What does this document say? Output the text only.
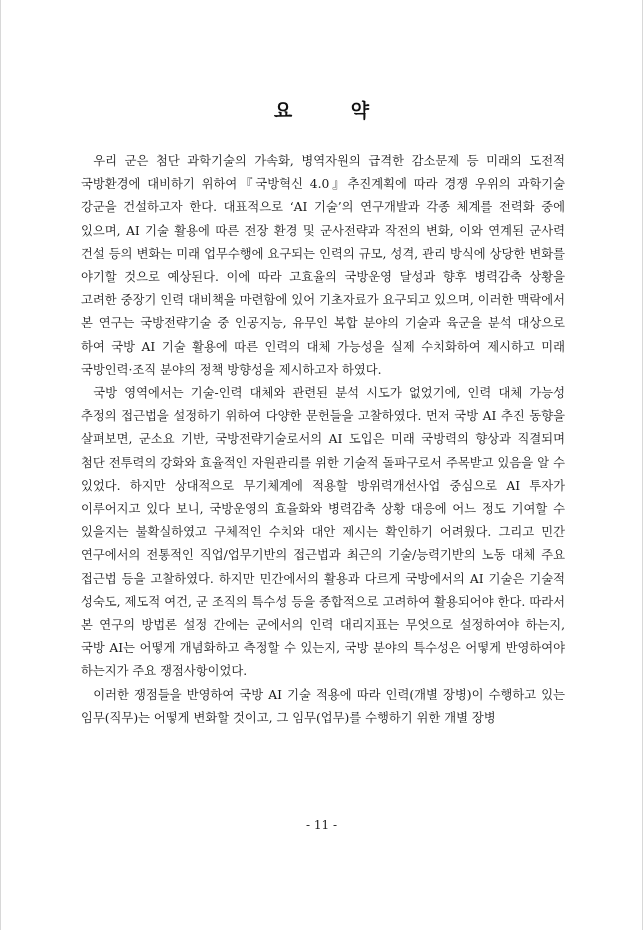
요 약

우리 군은 첨단 과학기술의 가속화, 병역자원의 급격한 감소문제 등 미래의 도전적 국방환경에 대비하기 위하여『국방혁신 4.0』추진계획에 따라 경쟁 우위의 과학기술 강군을 건설하고자 한다. 대표적으로 ‘AI 기술’의 연구개발과 각종 체계를 전력화 중에 있으며, AI 기술 활용에 따른 전장 환경 및 군사전략과 작전의 변화, 이와 연계된 군사력 건설 등의 변화는 미래 업무수행에 요구되는 인력의 규모, 성격, 관리 방식에 상당한 변화를 야기할 것으로 예상된다. 이에 따라 고효율의 국방운영 달성과 향후 병력감축 상황을 고려한 중장기 인력 대비책을 마련함에 있어 기초자료가 요구되고 있으며, 이러한 맥락에서 본 연구는 국방전략기술 중 인공지능, 유무인 복합 분야의 기술과 육군을 분석 대상으로 하여 국방 AI 기술 활용에 따른 인력의 대체 가능성을 실제 수치화하여 제시하고 미래 국방인력·조직 분야의 정책 방향성을 제시하고자 하였다.

국방 영역에서는 기술-인력 대체와 관련된 분석 시도가 없었기에, 인력 대체 가능성 추정의 접근법을 설정하기 위하여 다양한 문헌들을 고찰하였다. 먼저 국방 AI 추진 동향을 살펴보면, 군소요 기반, 국방전략기술로서의 AI 도입은 미래 국방력의 향상과 직결되며 첨단 전투력의 강화와 효율적인 자원관리를 위한 기술적 돌파구로서 주목받고 있음을 알 수 있었다. 하지만 상대적으로 무기체계에 적용할 방위력개선사업 중심으로 AI 투자가 이루어지고 있다 보니, 국방운영의 효율화와 병력감축 상황 대응에 어느 정도 기여할 수 있을지는 불확실하였고 구체적인 수치와 대안 제시는 확인하기 어려웠다. 그리고 민간 연구에서의 전통적인 직업/업무기반의 접근법과 최근의 기술/능력기반의 노동 대체 주요 접근법 등을 고찰하였다. 하지만 민간에서의 활용과 다르게 국방에서의 AI 기술은 기술적 성숙도, 제도적 여건, 군 조직의 특수성 등을 종합적으로 고려하여 활용되어야 한다. 따라서 본 연구의 방법론 설정 간에는 군에서의 인력 대리지표는 무엇으로 설정하여야 하는지, 국방 AI는 어떻게 개념화하고 측정할 수 있는지, 국방 분야의 특수성은 어떻게 반영하여야 하는지가 주요 쟁점사항이었다.

이러한 쟁점들을 반영하여 국방 AI 기술 적용에 따라 인력(개별 장병)이 수행하고 있는 임무(직무)는 어떻게 변화할 것이고, 그 임무(업무)를 수행하기 위한 개별 장병

- 11 -
